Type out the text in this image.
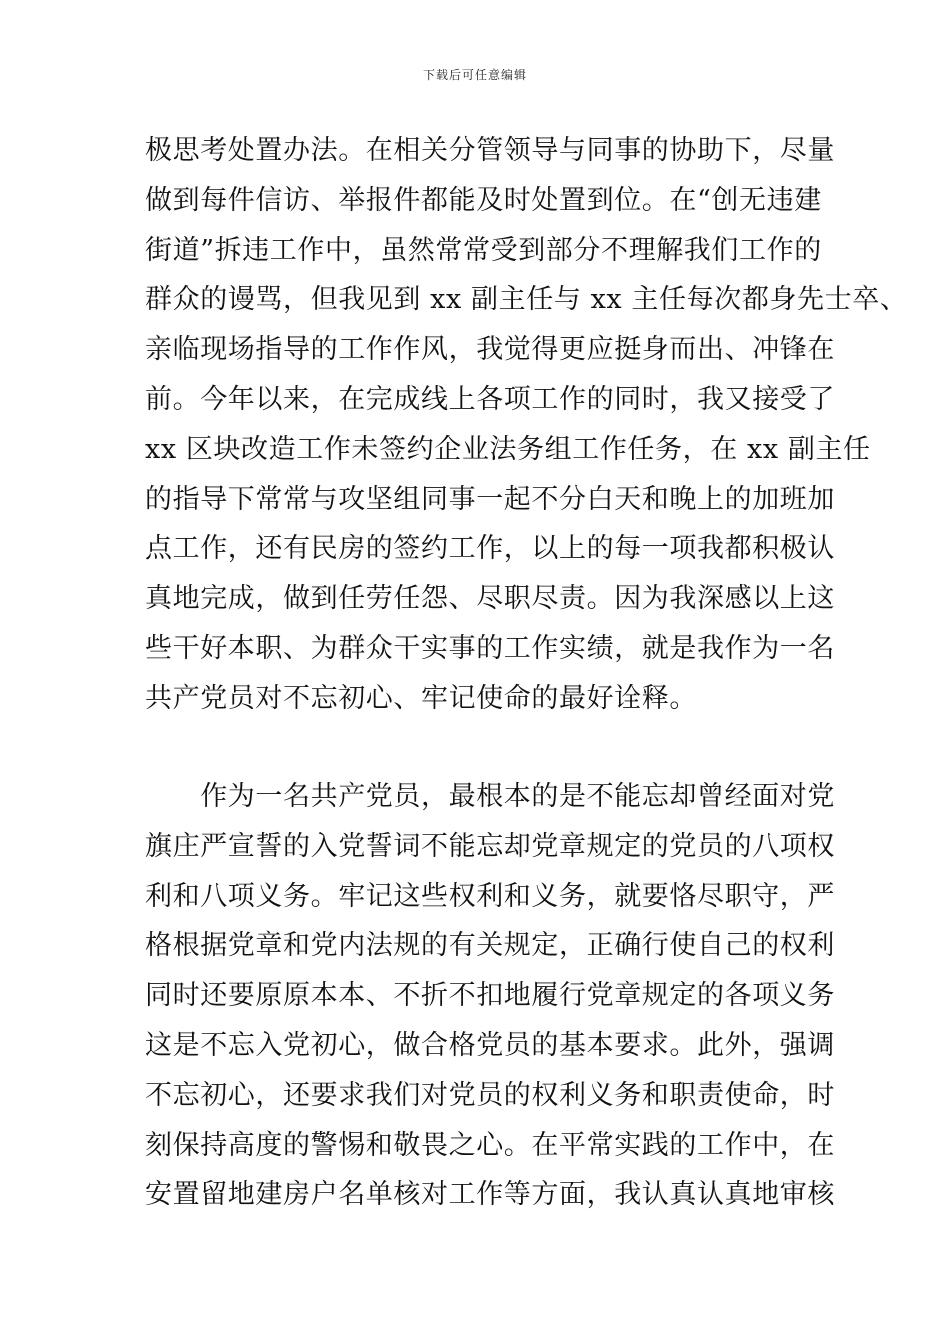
下载后可任意编辑
极思考处置办法。在相关分管领导与同事的协助下，尽量
做到每件信访、举报件都能及时处置到位。在“创无违建
街道”拆违工作中，虽然常常受到部分不理解我们工作的
群众的谩骂，但我见到 xx 副主任与 xx 主任每次都身先士卒、
亲临现场指导的工作作风，我觉得更应挺身而出、冲锋在
前。今年以来，在完成线上各项工作的同时，我又接受了
xx 区块改造工作未签约企业法务组工作任务，在 xx 副主任
的指导下常常与攻坚组同事一起不分白天和晚上的加班加
点工作，还有民房的签约工作，以上的每一项我都积极认
真地完成，做到任劳任怨、尽职尽责。因为我深感以上这
些干好本职、为群众干实事的工作实绩，就是我作为一名
共产党员对不忘初心、牢记使命的最好诠释。
　　作为一名共产党员，最根本的是不能忘却曾经面对党
旗庄严宣誓的入党誓词不能忘却党章规定的党员的八项权
利和八项义务。牢记这些权利和义务，就要恪尽职守，严
格根据党章和党内法规的有关规定，正确行使自己的权利
同时还要原原本本、不折不扣地履行党章规定的各项义务
这是不忘入党初心，做合格党员的基本要求。此外，强调
不忘初心，还要求我们对党员的权利义务和职责使命，时
刻保持高度的警惕和敬畏之心。在平常实践的工作中，在
安置留地建房户名单核对工作等方面，我认真认真地审核
